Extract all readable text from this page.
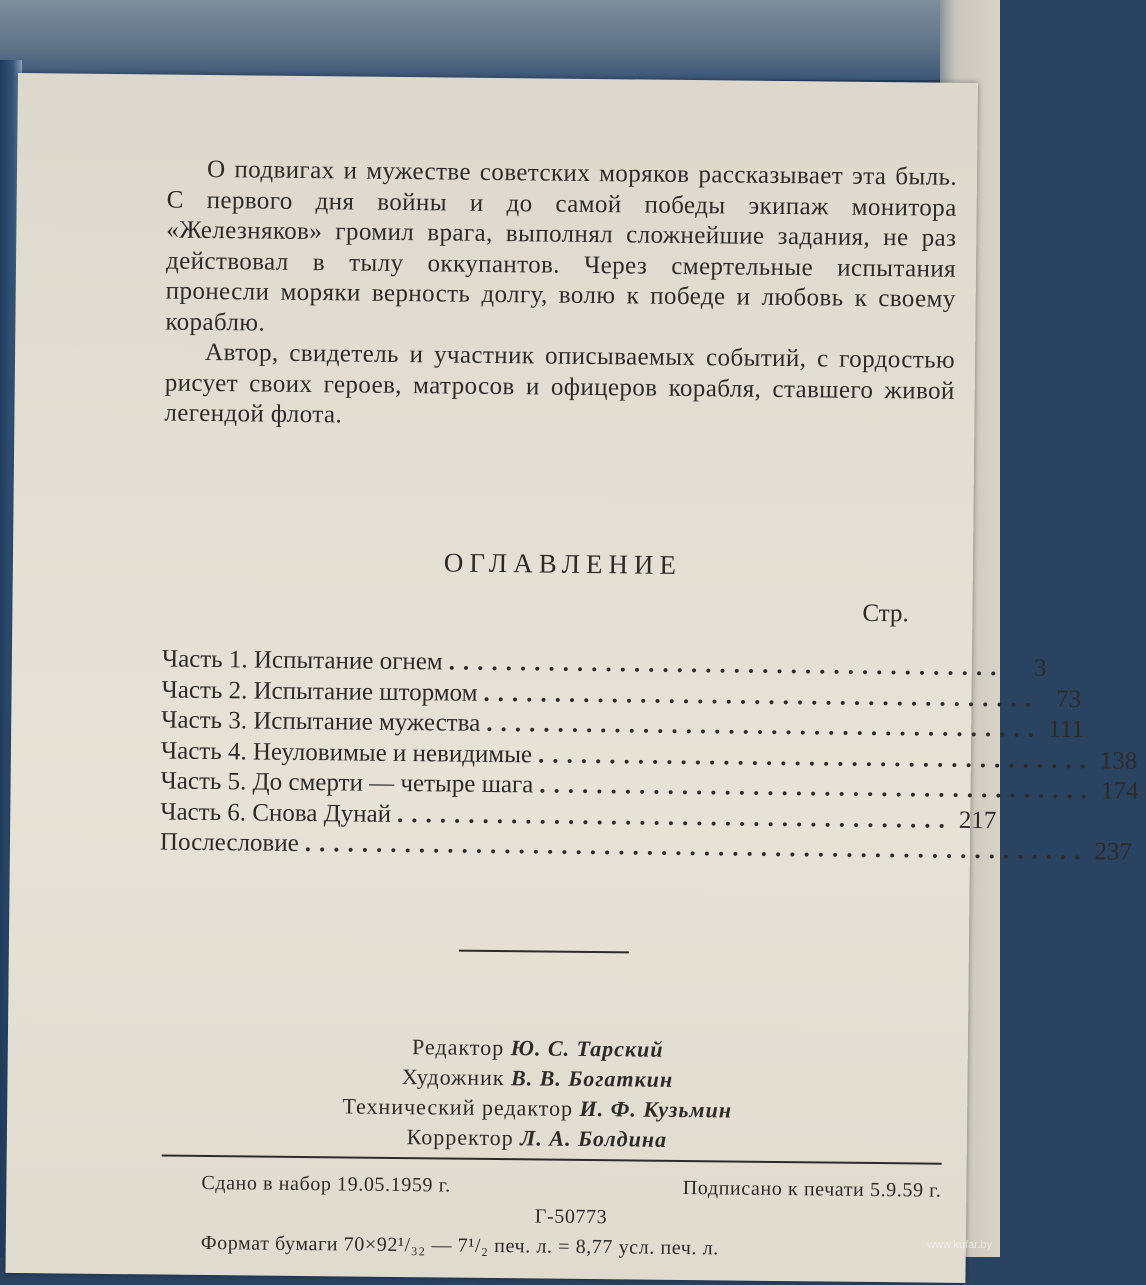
О подвигах и мужестве советских моряков рассказывает эта быль. С первого дня войны и до самой победы экипаж монитора «Железняков» громил врага, выполнял сложнейшие задания, не раз действовал в тылу оккупантов. Через смертельные испытания пронесли моряки верность долгу, волю к победе и любовь к своему кораблю.

Автор, свидетель и участник описываемых событий, с гордостью рисует своих героев, матросов и офицеров корабля, ставшего живой легендой флота.

ОГЛАВЛЕНИЕ
Стр.
Часть 1. Испытание огнем .......................................	3
Часть 2. Испытание штормом ....................................... 73
Часть 3. Испытание мужества ....................................... 111
Часть 4. Неуловимые и невидимые ....................................... 138
Часть 5. До смерти — четыре шага ....................................... 174
Часть 6. Снова Дунай ....................................... 217
Послесловие ....................................................... 237
Редактор Ю. С. Тарский
Художник В. В. Богаткин
Технический редактор И. Ф. Кузьмин
Корректор Л. А. Болдина
Сдано в набор 19.05.1959 г.	Подписано к печати 5.9.59 г.
Г-50773
Формат бумаги 70×92¹/₃₂ — 7¹/₂ печ. л. = 8,77 усл. печ. л.	www.kufar.by
